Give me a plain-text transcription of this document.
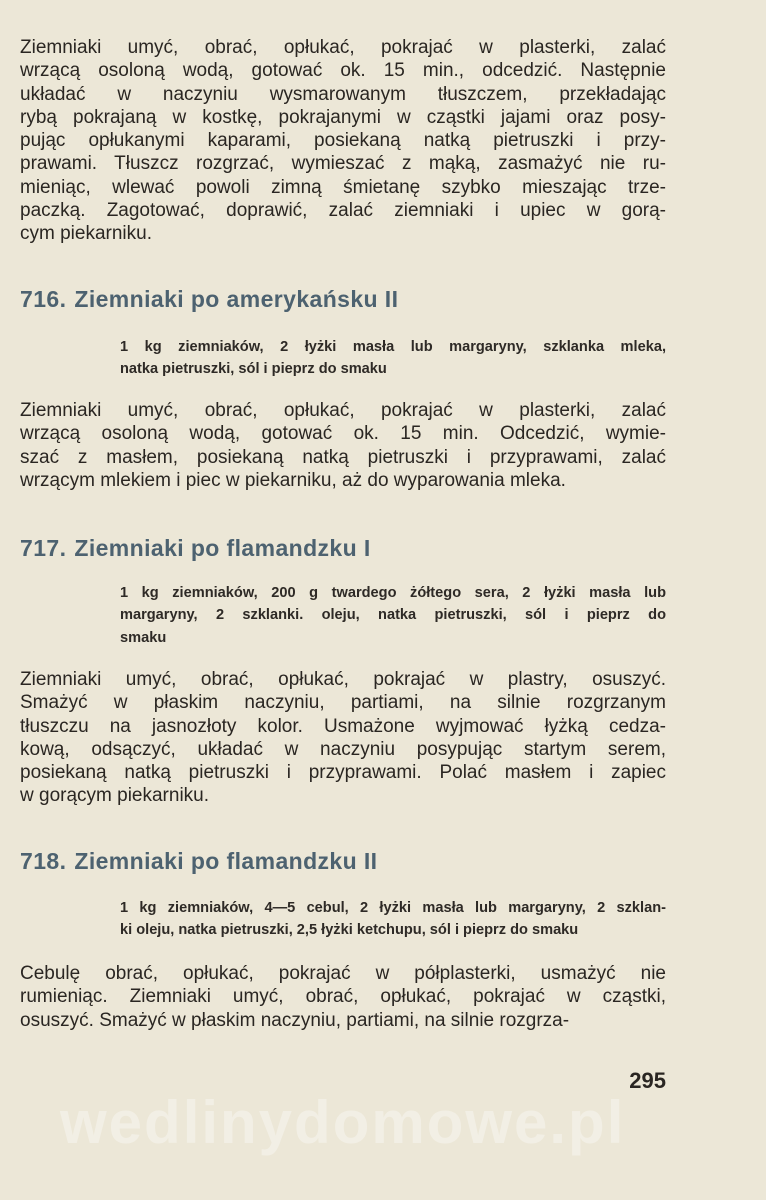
Ziemniaki umyć, obrać, opłukać, pokrajać w plasterki, zalać
wrzącą osoloną wodą, gotować ok. 15 min., odcedzić. Następnie
układać w naczyniu wysmarowanym tłuszczem, przekładając
rybą pokrajaną w kostkę, pokrajanymi w cząstki jajami oraz posy-
pując opłukanymi kaparami, posiekaną natką pietruszki i przy-
prawami. Tłuszcz rozgrzać, wymieszać z mąką, zasmażyć nie ru-
mieniąc, wlewać powoli zimną śmietanę szybko mieszając trze-
paczką. Zagotować, doprawić, zalać ziemniaki i upiec w gorą-
cym piekarniku.
716. Ziemniaki po amerykańsku II
1 kg ziemniaków, 2 łyżki masła lub margaryny, szklanka mleka,
natka pietruszki, sól i pieprz do smaku
Ziemniaki umyć, obrać, opłukać, pokrajać w plasterki, zalać
wrzącą osoloną wodą, gotować ok. 15 min. Odcedzić, wymie-
szać z masłem, posiekaną natką pietruszki i przyprawami, zalać
wrzącym mlekiem i piec w piekarniku, aż do wyparowania mleka.
717. Ziemniaki po flamandzku I
1 kg ziemniaków, 200 g twardego żółtego sera, 2 łyżki masła lub
margaryny, 2 szklanki. oleju, natka pietruszki, sól i pieprz do
smaku
Ziemniaki umyć, obrać, opłukać, pokrajać w plastry, osuszyć.
Smażyć w płaskim naczyniu, partiami, na silnie rozgrzanym
tłuszczu na jasnozłoty kolor. Usmażone wyjmować łyżką cedza-
kową, odsączyć, układać w naczyniu posypując startym serem,
posiekaną natką pietruszki i przyprawami. Polać masłem i zapiec
w gorącym piekarniku.
718. Ziemniaki po flamandzku II
1 kg ziemniaków, 4—5 cebul, 2 łyżki masła lub margaryny, 2 szklan-
ki oleju, natka pietruszki, 2,5 łyżki ketchupu, sól i pieprz do smaku
Cebulę obrać, opłukać, pokrajać w półplasterki, usmażyć nie
rumieniąc. Ziemniaki umyć, obrać, opłukać, pokrajać w cząstki,
osuszyć. Smażyć w płaskim naczyniu, partiami, na silnie rozgrza-
295
wedlinydomowe.pl
